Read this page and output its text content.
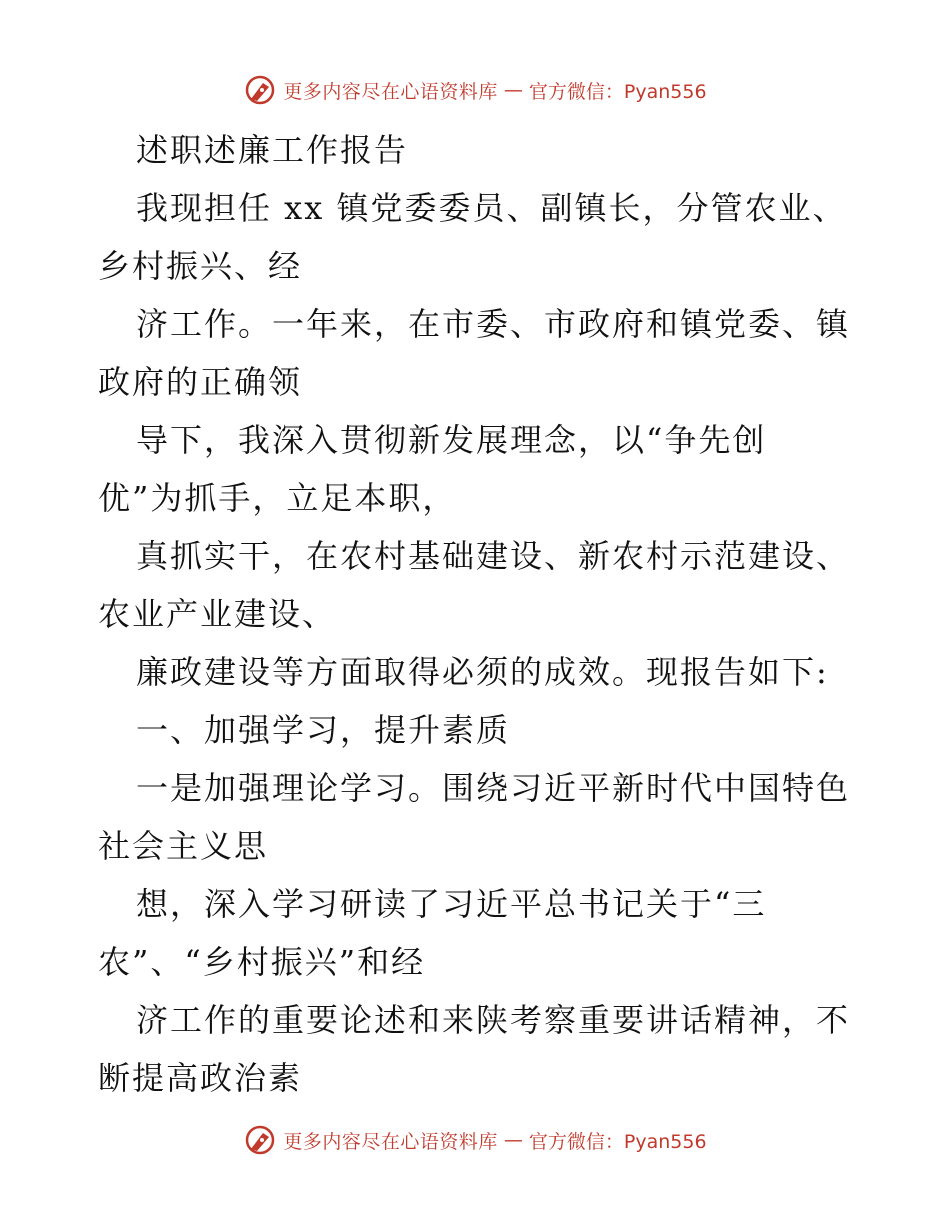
更多内容尽在心语资料库 — 官方微信：Pyan556
述职述廉工作报告
我现担任 xx 镇党委委员、副镇长，分管农业、
乡村振兴、经
济工作。一年来，在市委、市政府和镇党委、镇
政府的正确领
导下，我深入贯彻新发展理念，以“争先创
优”为抓手，立足本职，
真抓实干，在农村基础建设、新农村示范建设、
农业产业建设、
廉政建设等方面取得必须的成效。现报告如下:
一、加强学习，提升素质
一是加强理论学习。围绕习近平新时代中国特色
社会主义思
想，深入学习研读了习近平总书记关于“三
农”、“乡村振兴”和经
济工作的重要论述和来陕考察重要讲话精神，不
断提高政治素
更多内容尽在心语资料库 — 官方微信：Pyan556
